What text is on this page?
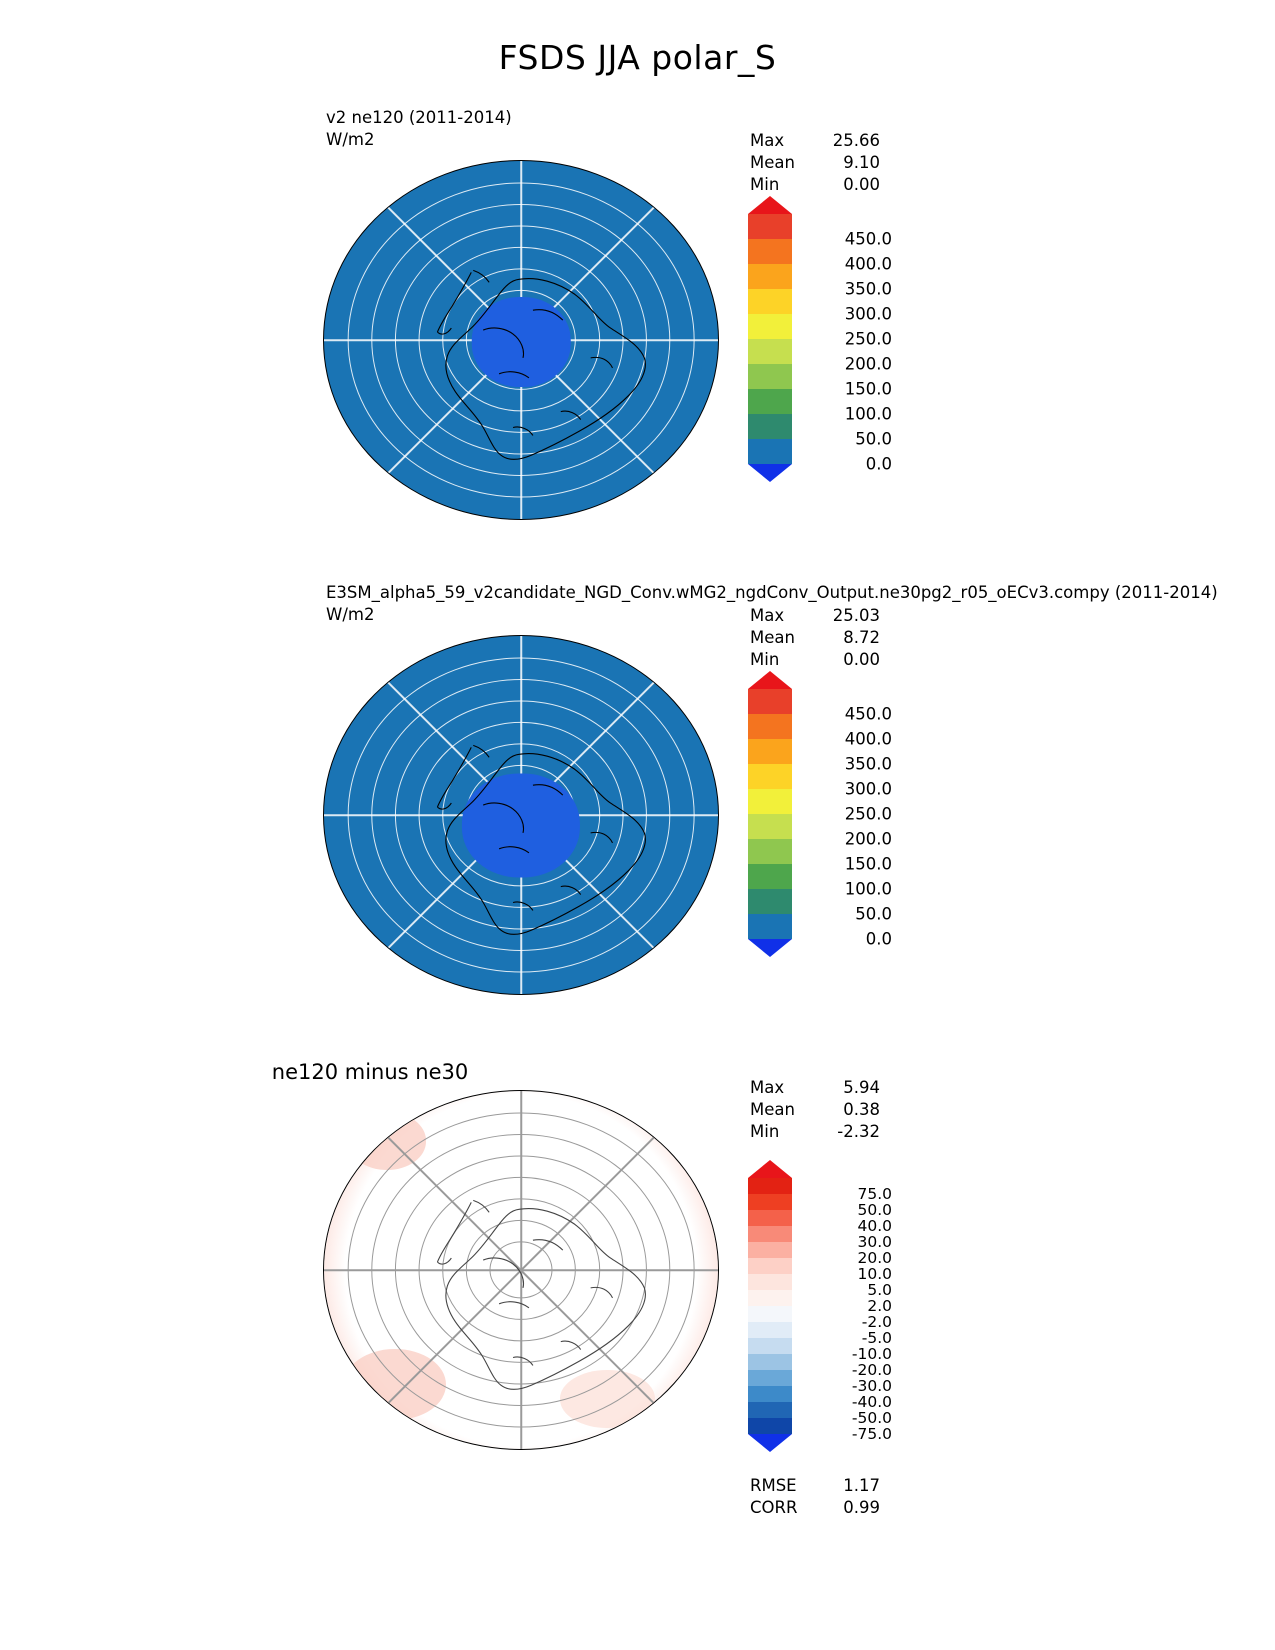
FSDS JJA polar_S
v2 ne120 (2011-2014)
W/m2	Max	25.66
Mean	9.10
Min	0.00
450.0
400.0
350.0
300.0
250.0
200.0
150.0
100.0
50.0
0.0
E3SM_alpha5_59_v2candidate_NGD_Conv.wMG2_ngdConv_Output.ne30pg2_r05_oECv3.compy (2011-2014)
W/m2	Max	25.03
Mean	8.72
Min	0.00
450.0
400.0
350.0
300.0
250.0
200.0
150.0
100.0
50.0
0.0
ne120 minus ne30
Max	5.94
Mean	0.38
Min	-2.32
75.0
50.0
40.0
30.0
20.0
10.0
5.0
2.0
-2.0
-5.0
-10.0
-20.0
-30.0
-40.0
-50.0
-75.0
RMSE	1.17
CORR	0.99
